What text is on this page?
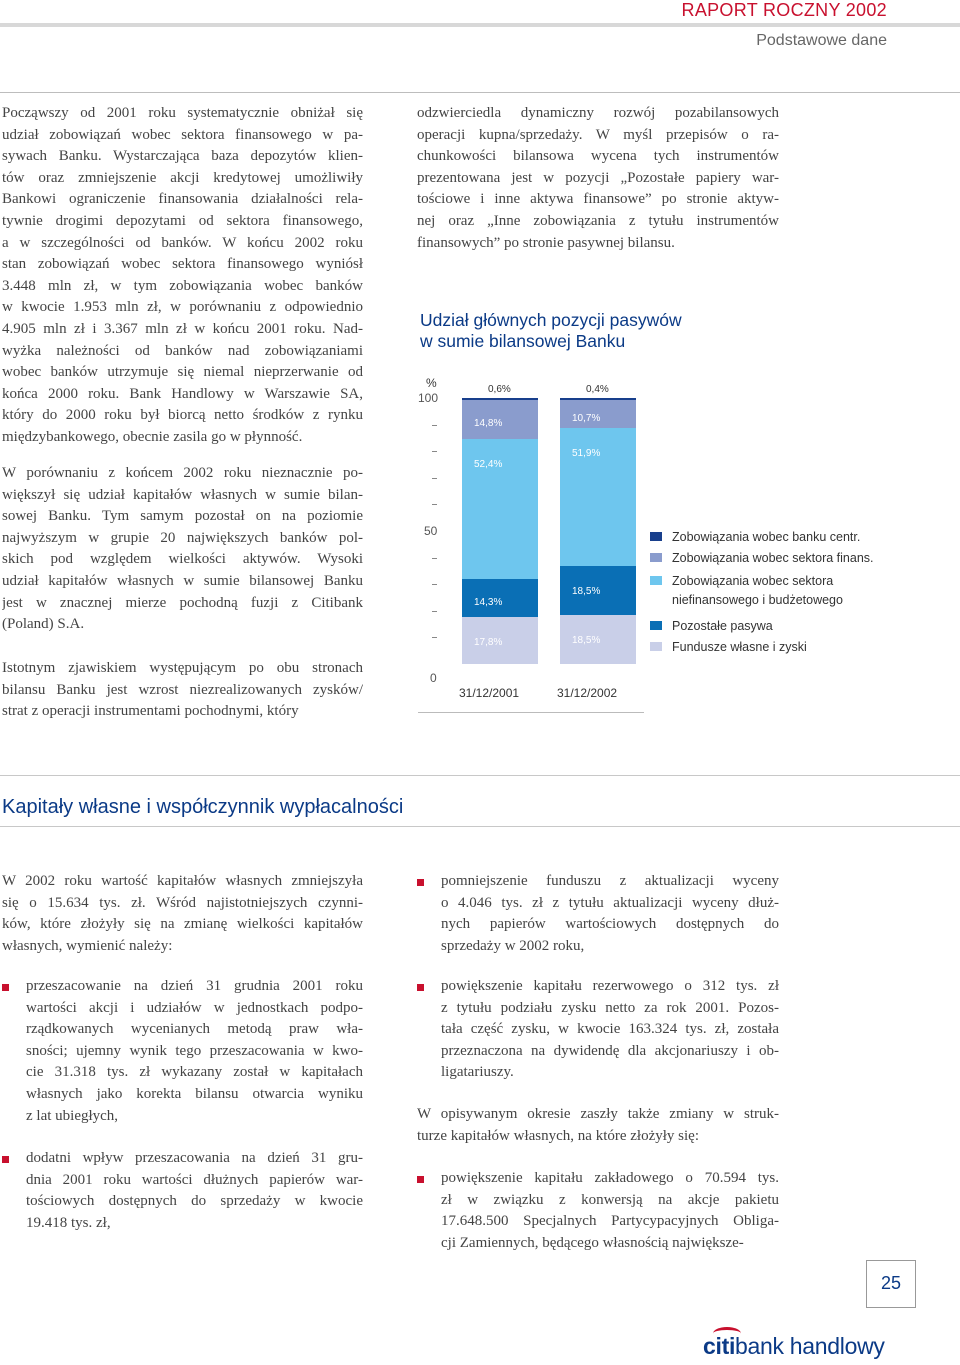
RAPORT ROCZNY 2002
Podstawowe dane
Począwszy od 2001 roku systematycznie obniżał się
udział zobowiązań wobec sektora finansowego w pa-
sywach Banku. Wystarczająca baza depozytów klien-
tów oraz zmniejszenie akcji kredytowej umożliwiły
Bankowi ograniczenie finansowania działalności rela-
tywnie drogimi depozytami od sektora finansowego,
a w szczególności od banków. W końcu 2002 roku
stan zobowiązań wobec sektora finansowego wyniósł
3.448 mln zł, w tym zobowiązania wobec banków
w kwocie 1.953 mln zł, w porównaniu z odpowiednio
4.905 mln zł i 3.367 mln zł w końcu 2001 roku. Nad-
wyżka należności od banków nad zobowiązaniami
wobec banków utrzymuje się niemal nieprzerwanie od
końca 2000 roku. Bank Handlowy w Warszawie SA,
który do 2000 roku był biorcą netto środków z rynku
międzybankowego, obecnie zasila go w płynność.
W porównaniu z końcem 2002 roku nieznacznie po-
większył się udział kapitałów własnych w sumie bilan-
sowej Banku. Tym samym pozostał on na poziomie
najwyższym w grupie 20 największych banków pol-
skich pod względem wielkości aktywów. Wysoki
udział kapitałów własnych w sumie bilansowej Banku
jest w znacznej mierze pochodną fuzji z Citibank
(Poland) S.A.
Istotnym zjawiskiem występującym po obu stronach
bilansu Banku jest wzrost niezrealizowanych zysków/
strat z operacji instrumentami pochodnymi, który
odzwierciedla dynamiczny rozwój pozabilansowych
operacji kupna/sprzedaży. W myśl przepisów o ra-
chunkowości bilansowa wycena tych instrumentów
prezentowana jest w pozycji „Pozostałe papiery war-
tościowe i inne aktywa finansowe” po stronie aktyw-
nej oraz „Inne zobowiązania z tytułu instrumentów
finansowych” po stronie pasywnej bilansu.
Udział głównych pozycji pasywów
w sumie bilansowej Banku
%
0
50
100
17,8%
14,3%
52,4%
14,8%
0,6%
31/12/2001
18,5%
18,5%
51,9%
10,7%
0,4%
31/12/2002
Zobowiązania wobec banku centr.
Zobowiązania wobec sektora finans.
Zobowiązania wobec sektora
niefinansowego i budżetowego
Pozostałe pasywa
Fundusze własne i zyski
Kapitały własne i współczynnik wypłacalności
W 2002 roku wartość kapitałów własnych zmniejszyła
się o 15.634 tys. zł. Wśród najistotniejszych czynni-
ków, które złożyły się na zmianę wielkości kapitałów
własnych, wymienić należy:
przeszacowanie na dzień 31 grudnia 2001 roku
wartości akcji i udziałów w jednostkach podpo-
rządkowanych wycenianych metodą praw wła-
sności; ujemny wynik tego przeszacowania w kwo-
cie 31.318 tys. zł wykazany został w kapitałach
własnych jako korekta bilansu otwarcia wyniku
z lat ubiegłych,
dodatni wpływ przeszacowania na dzień 31 gru-
dnia 2001 roku wartości dłużnych papierów war-
tościowych dostępnych do sprzedaży w kwocie
19.418 tys. zł,
pomniejszenie funduszu z aktualizacji wyceny
o 4.046 tys. zł z tytułu aktualizacji wyceny dłuż-
nych papierów wartościowych dostępnych do
sprzedaży w 2002 roku,
powiększenie kapitału rezerwowego o 312 tys. zł
z tytułu podziału zysku netto za rok 2001. Pozos-
tała część zysku, w kwocie 163.324 tys. zł, została
przeznaczona na dywidendę dla akcjonariuszy i ob-
ligatariuszy.
W opisywanym okresie zaszły także zmiany w struk-
turze kapitałów własnych, na które złożyły się:
powiększenie kapitału zakładowego o 70.594 tys.
zł w związku z konwersją na akcje pakietu
17.648.500 Specjalnych Partycypacyjnych Obliga-
cji Zamiennych, będącego własnością największe-
25
citibank handlowy
